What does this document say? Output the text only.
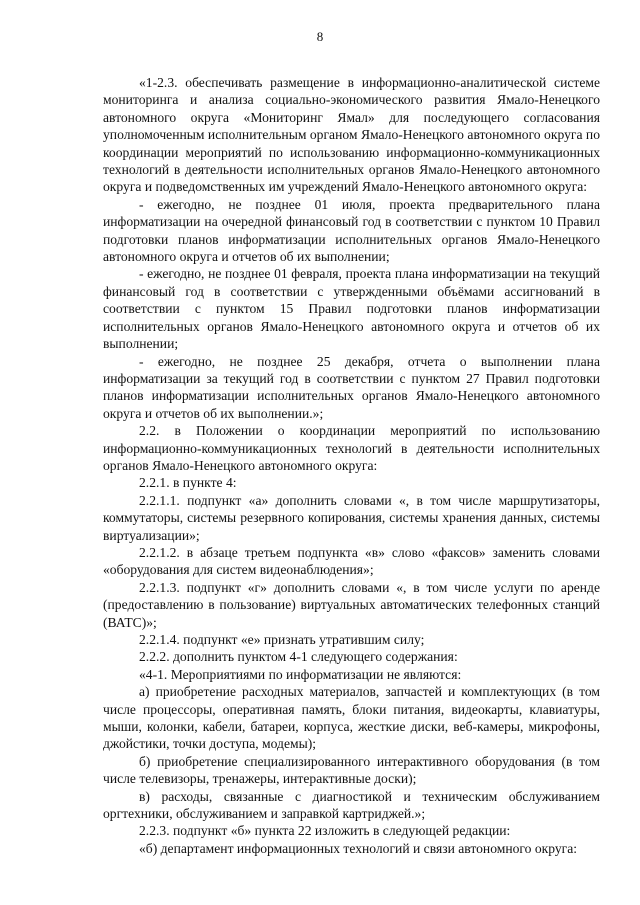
8

«1-2.3. обеспечивать размещение в информационно-аналитической системе мониторинга и анализа социально-экономического развития Ямало-Ненецкого автономного округа «Мониторинг Ямал» для последующего согласования уполномоченным исполнительным органом Ямало-Ненецкого автономного округа по координации мероприятий по использованию информационно-коммуникационных технологий в деятельности исполнительных органов Ямало-Ненецкого автономного округа и подведомственных им учреждений Ямало-Ненецкого автономного округа:

- ежегодно, не позднее 01 июля, проекта предварительного плана информатизации на очередной финансовый год в соответствии с пунктом 10 Правил подготовки планов информатизации исполнительных органов Ямало-Ненецкого автономного округа и отчетов об их выполнении;

- ежегодно, не позднее 01 февраля, проекта плана информатизации на текущий финансовый год в соответствии с утвержденными объёмами ассигнований в соответствии с пунктом 15 Правил подготовки планов информатизации исполнительных органов Ямало-Ненецкого автономного округа и отчетов об их выполнении;

- ежегодно, не позднее 25 декабря, отчета о выполнении плана информатизации за текущий год в соответствии с пунктом 27 Правил подготовки планов информатизации исполнительных органов Ямало-Ненецкого автономного округа и отчетов об их выполнении.»;

2.2. в Положении о координации мероприятий по использованию информационно-коммуникационных технологий в деятельности исполнительных органов Ямало-Ненецкого автономного округа:

2.2.1. в пункте 4:

2.2.1.1. подпункт «а» дополнить словами «, в том числе маршрутизаторы, коммутаторы, системы резервного копирования, системы хранения данных, системы виртуализации»;

2.2.1.2. в абзаце третьем подпункта «в» слово «факсов» заменить словами «оборудования для систем видеонаблюдения»;

2.2.1.3. подпункт «г» дополнить словами «, в том числе услуги по аренде (предоставлению в пользование) виртуальных автоматических телефонных станций (ВАТС)»;

2.2.1.4. подпункт «е» признать утратившим силу;

2.2.2. дополнить пунктом 4-1 следующего содержания:

«4-1. Мероприятиями по информатизации не являются:

а) приобретение расходных материалов, запчастей и комплектующих (в том числе процессоры, оперативная память, блоки питания, видеокарты, клавиатуры, мыши, колонки, кабели, батареи, корпуса, жесткие диски, веб-камеры, микрофоны, джойстики, точки доступа, модемы);

б) приобретение специализированного интерактивного оборудования (в том числе телевизоры, тренажеры, интерактивные доски);

в) расходы, связанные с диагностикой и техническим обслуживанием оргтехники, обслуживанием и заправкой картриджей.»;

2.2.3. подпункт «б» пункта 22 изложить в следующей редакции:

«б) департамент информационных технологий и связи автономного округа:
